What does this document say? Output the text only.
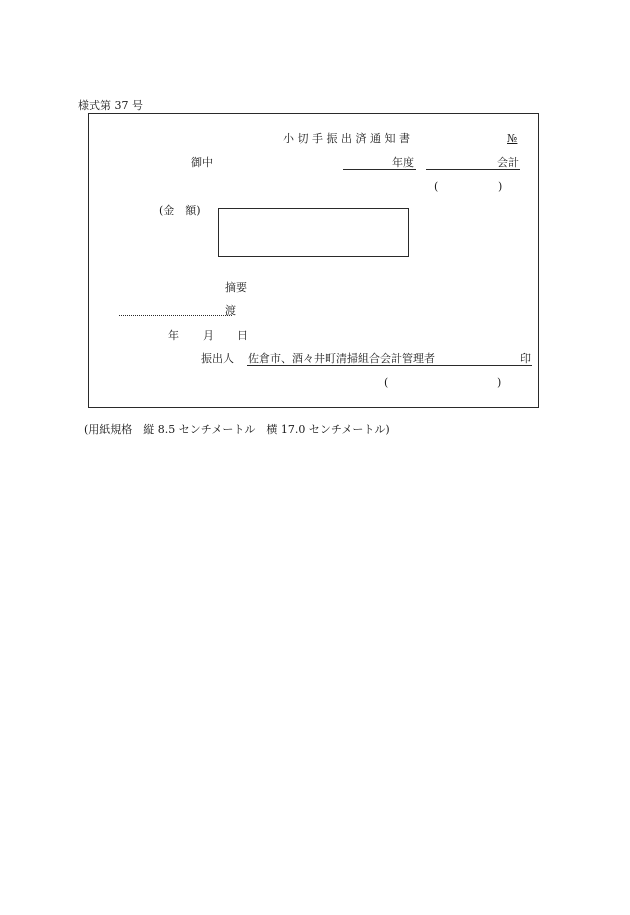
様式第 37 号
小 切 手 振 出 済 通 知 書	№
御中	年度	会計
(	)
(金　額)
摘要
渡
年 月 日
振出人 佐倉市、酒々井町清掃組合会計管理者	印
(	)
(用紙規格　縦 8.5 センチメートル　横 17.0 センチメートル)
